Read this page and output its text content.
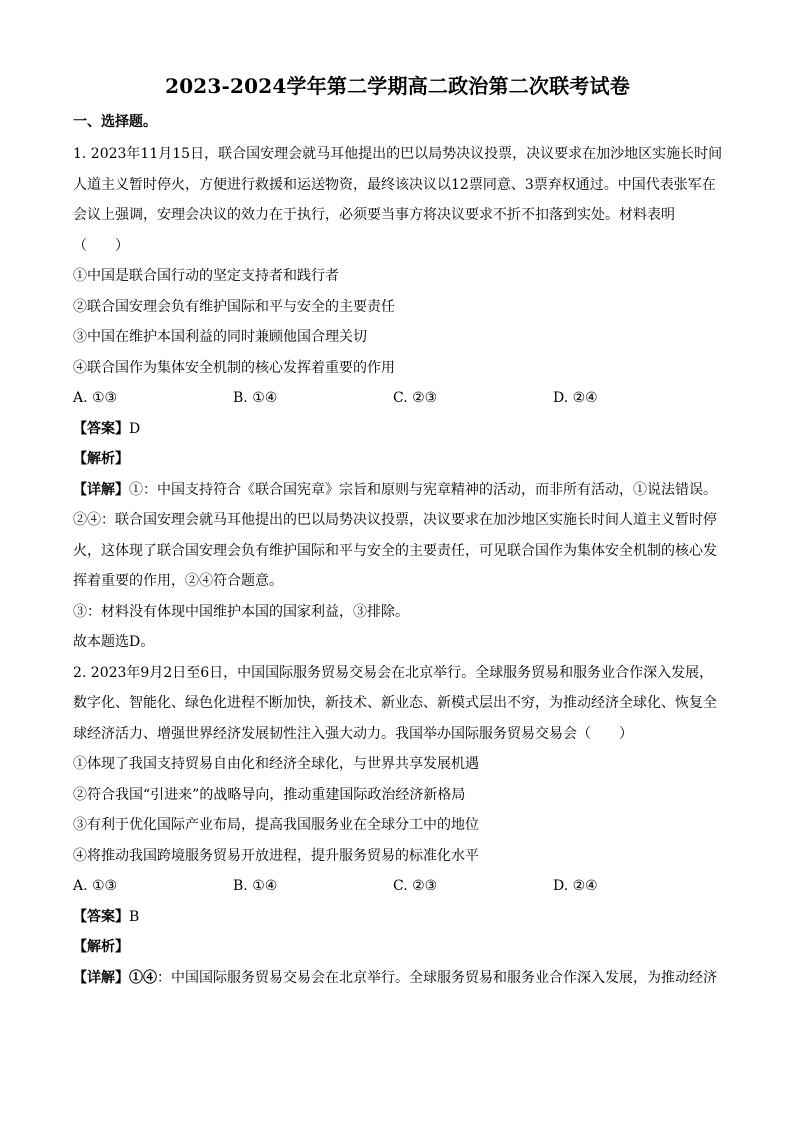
2023-2024学年第二学期高二政治第二次联考试卷
一、选择题。

1. 2023年11月15日，联合国安理会就马耳他提出的巴以局势决议投票，决议要求在加沙地区实施长时间

人道主义暂时停火，方便进行救援和运送物资，最终该决议以12票同意、3票弃权通过。中国代表张军在

会议上强调，安理会决议的效力在于执行，必须要当事方将决议要求不折不扣落到实处。材料表明

（　　）

①中国是联合国行动的坚定支持者和践行者

②联合国安理会负有维护国际和平与安全的主要责任

③中国在维护本国利益的同时兼顾他国合理关切

④联合国作为集体安全机制的核心发挥着重要的作用

A. ①③	B. ①④	C. ②③	D. ②④

【答案】D

【解析】

【详解】①：中国支持符合《联合国宪章》宗旨和原则与宪章精神的活动，而非所有活动，①说法错误。

②④：联合国安理会就马耳他提出的巴以局势决议投票，决议要求在加沙地区实施长时间人道主义暂时停

火，这体现了联合国安理会负有维护国际和平与安全的主要责任，可见联合国作为集体安全机制的核心发

挥着重要的作用，②④符合题意。

③：材料没有体现中国维护本国的国家利益，③排除。

故本题选D。

2. 2023年9月2日至6日，中国国际服务贸易交易会在北京举行。全球服务贸易和服务业合作深入发展，

数字化、智能化、绿色化进程不断加快，新技术、新业态、新模式层出不穷，为推动经济全球化、恢复全

球经济活力、增强世界经济发展韧性注入强大动力。我国举办国际服务贸易交易会（　　）

①体现了我国支持贸易自由化和经济全球化，与世界共享发展机遇

②符合我国“引进来”的战略导向，推动重建国际政治经济新格局

③有利于优化国际产业布局，提高我国服务业在全球分工中的地位

④将推动我国跨境服务贸易开放进程，提升服务贸易的标准化水平

A. ①③	B. ①④	C. ②③	D. ②④

【答案】B

【解析】

【详解】①④：中国国际服务贸易交易会在北京举行。全球服务贸易和服务业合作深入发展，为推动经济
